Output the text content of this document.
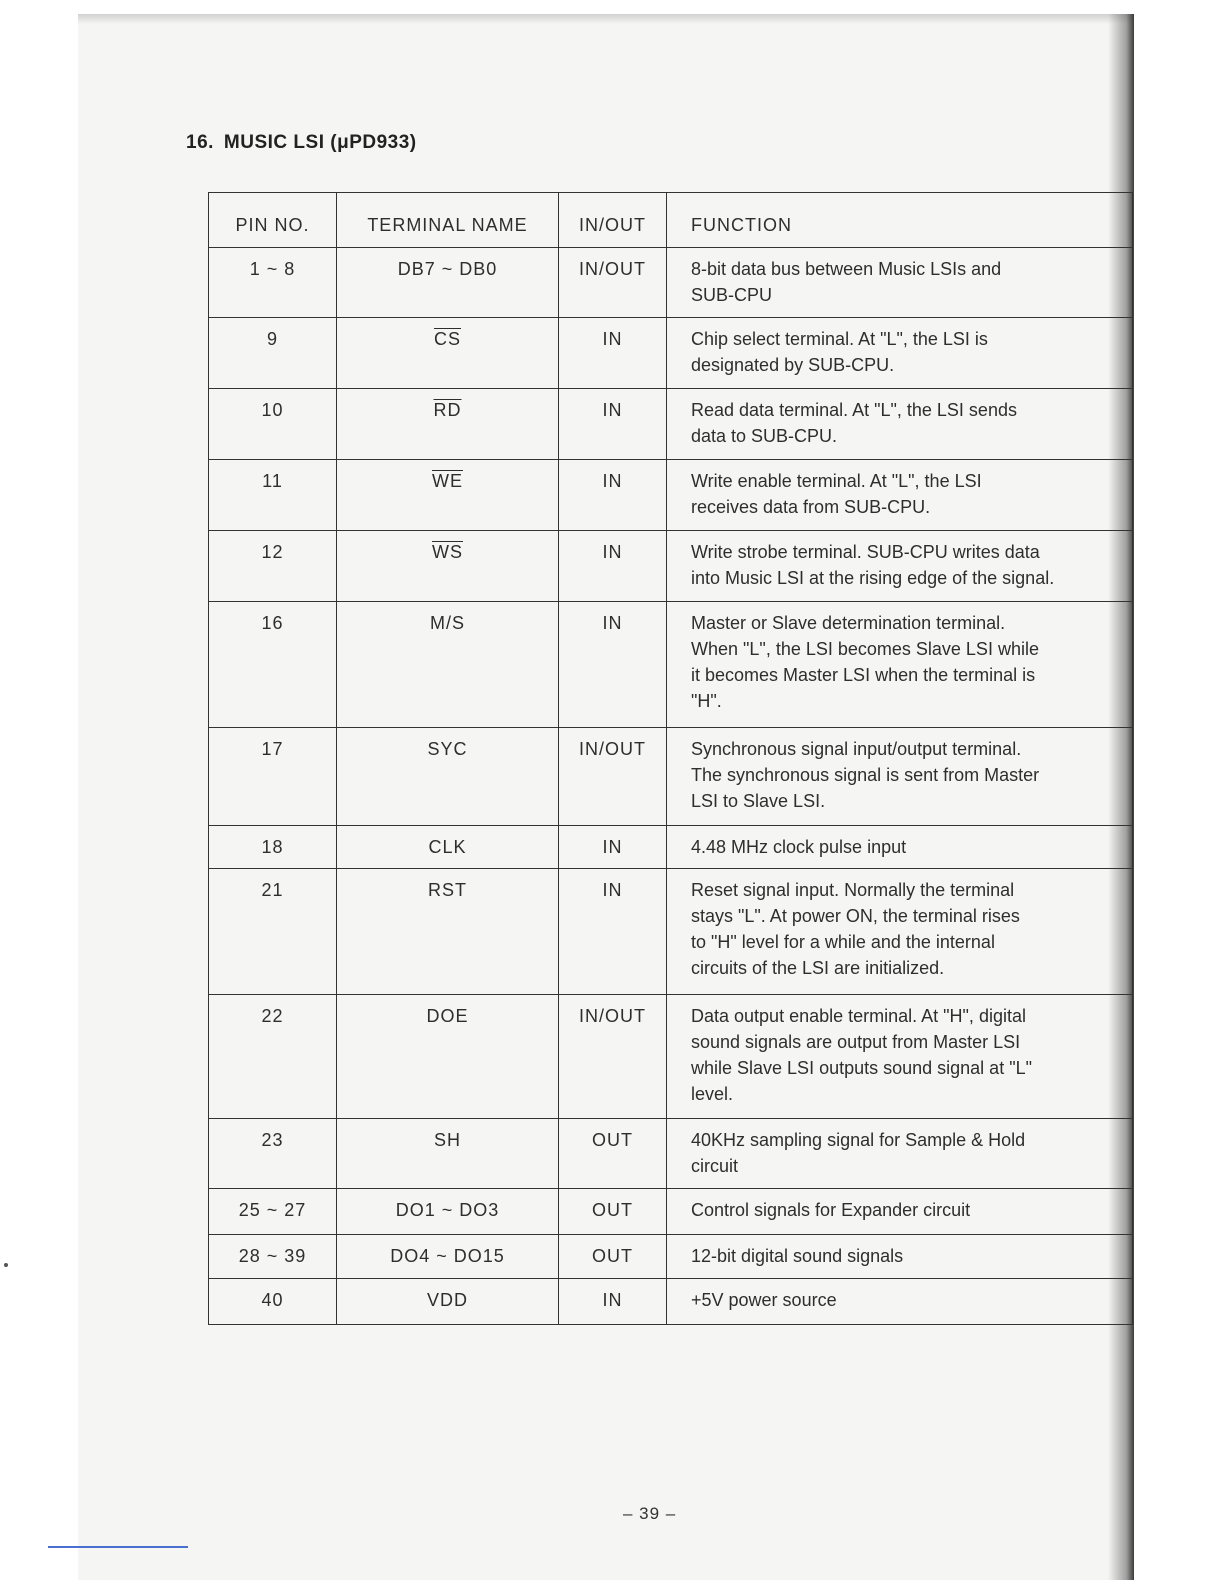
16. MUSIC LSI (μPD933)
PIN NO.	TERMINAL NAME	IN/OUT	FUNCTION
1 ~ 8	DB7 ~ DB0	IN/OUT	8-bit data bus between Music LSIs and
SUB-CPU
9	$\overline{CS}$	IN	Chip select terminal. At "L", the LSI is
designated by SUB-CPU.
10	$\overline{RD}$	IN	Read data terminal. At "L", the LSI sends
data to SUB-CPU.
11	$\overline{WE}$	IN	Write enable terminal. At "L", the LSI
receives data from SUB-CPU.
12	$\overline{WS}$	IN	Write strobe terminal. SUB-CPU writes data
into Music LSI at the rising edge of the signal.
16	M/S	IN	Master or Slave determination terminal.
When "L", the LSI becomes Slave LSI while
it becomes Master LSI when the terminal is
"H".
17	SYC	IN/OUT	Synchronous signal input/output terminal.
The synchronous signal is sent from Master
LSI to Slave LSI.
18	CLK	IN	4.48 MHz clock pulse input
21	RST	IN	Reset signal input. Normally the terminal
stays "L". At power ON, the terminal rises
to "H" level for a while and the internal
circuits of the LSI are initialized.
22	DOE	IN/OUT	Data output enable terminal. At "H", digital
sound signals are output from Master LSI
while Slave LSI outputs sound signal at "L"
level.
23	SH	OUT	40KHz sampling signal for Sample & Hold
circuit
25 ~ 27	DO1 ~ DO3	OUT	Control signals for Expander circuit
28 ~ 39	DO4 ~ DO15	OUT	12-bit digital sound signals
40	VDD	IN	+5V power source
– 39 –
